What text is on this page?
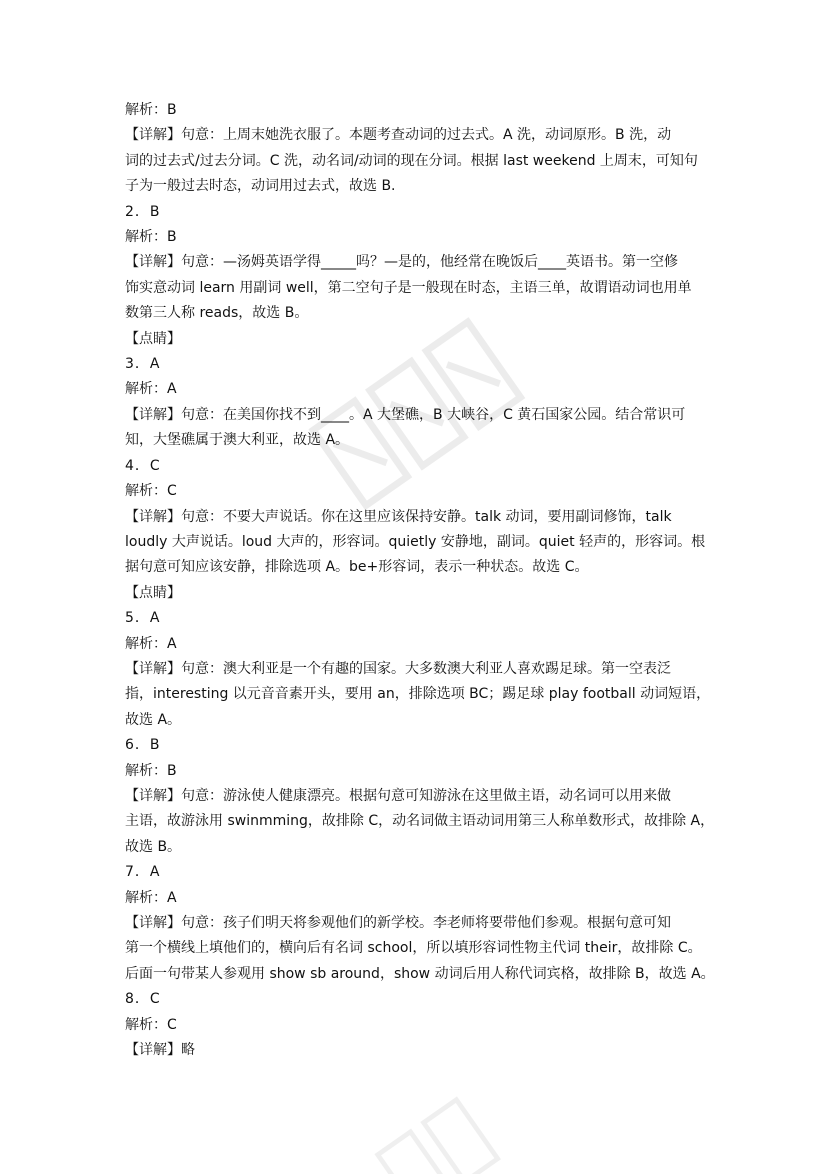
解析：B
【详解】句意：上周末她洗衣服了。本题考查动词的过去式。A 洗，动词原形。B 洗，动
词的过去式/过去分词。C 洗，动名词/动词的现在分词。根据 last weekend 上周末，可知句
子为一般过去时态，动词用过去式，故选 B.
2．B
解析：B
【详解】句意：—汤姆英语学得_____吗？—是的，他经常在晚饭后____英语书。第一空修
饰实意动词 learn 用副词 well，第二空句子是一般现在时态，主语三单，故谓语动词也用单
数第三人称 reads，故选 B。
【点睛】
3．A
解析：A
【详解】句意：在美国你找不到____。A 大堡礁，B 大峡谷，C 黄石国家公园。结合常识可
知，大堡礁属于澳大利亚，故选 A。
4．C
解析：C
【详解】句意：不要大声说话。你在这里应该保持安静。talk 动词，要用副词修饰，talk
loudly 大声说话。loud 大声的，形容词。quietly 安静地，副词。quiet 轻声的，形容词。根
据句意可知应该安静，排除选项 A。be+形容词，表示一种状态。故选 C。
【点睛】
5．A
解析：A
【详解】句意：澳大利亚是一个有趣的国家。大多数澳大利亚人喜欢踢足球。第一空表泛
指，interesting 以元音音素开头，要用 an，排除选项 BC；踢足球 play football 动词短语，
故选 A。
6．B
解析：B
【详解】句意：游泳使人健康漂亮。根据句意可知游泳在这里做主语，动名词可以用来做
主语，故游泳用 swinmming，故排除 C，动名词做主语动词用第三人称单数形式，故排除 A，
故选 B。
7．A
解析：A
【详解】句意：孩子们明天将参观他们的新学校。李老师将要带他们参观。根据句意可知
第一个横线上填他们的，横向后有名词 school，所以填形容词性物主代词 their，故排除 C。
后面一句带某人参观用 show sb around，show 动词后用人称代词宾格，故排除 B，故选 A。
8．C
解析：C
【详解】略
